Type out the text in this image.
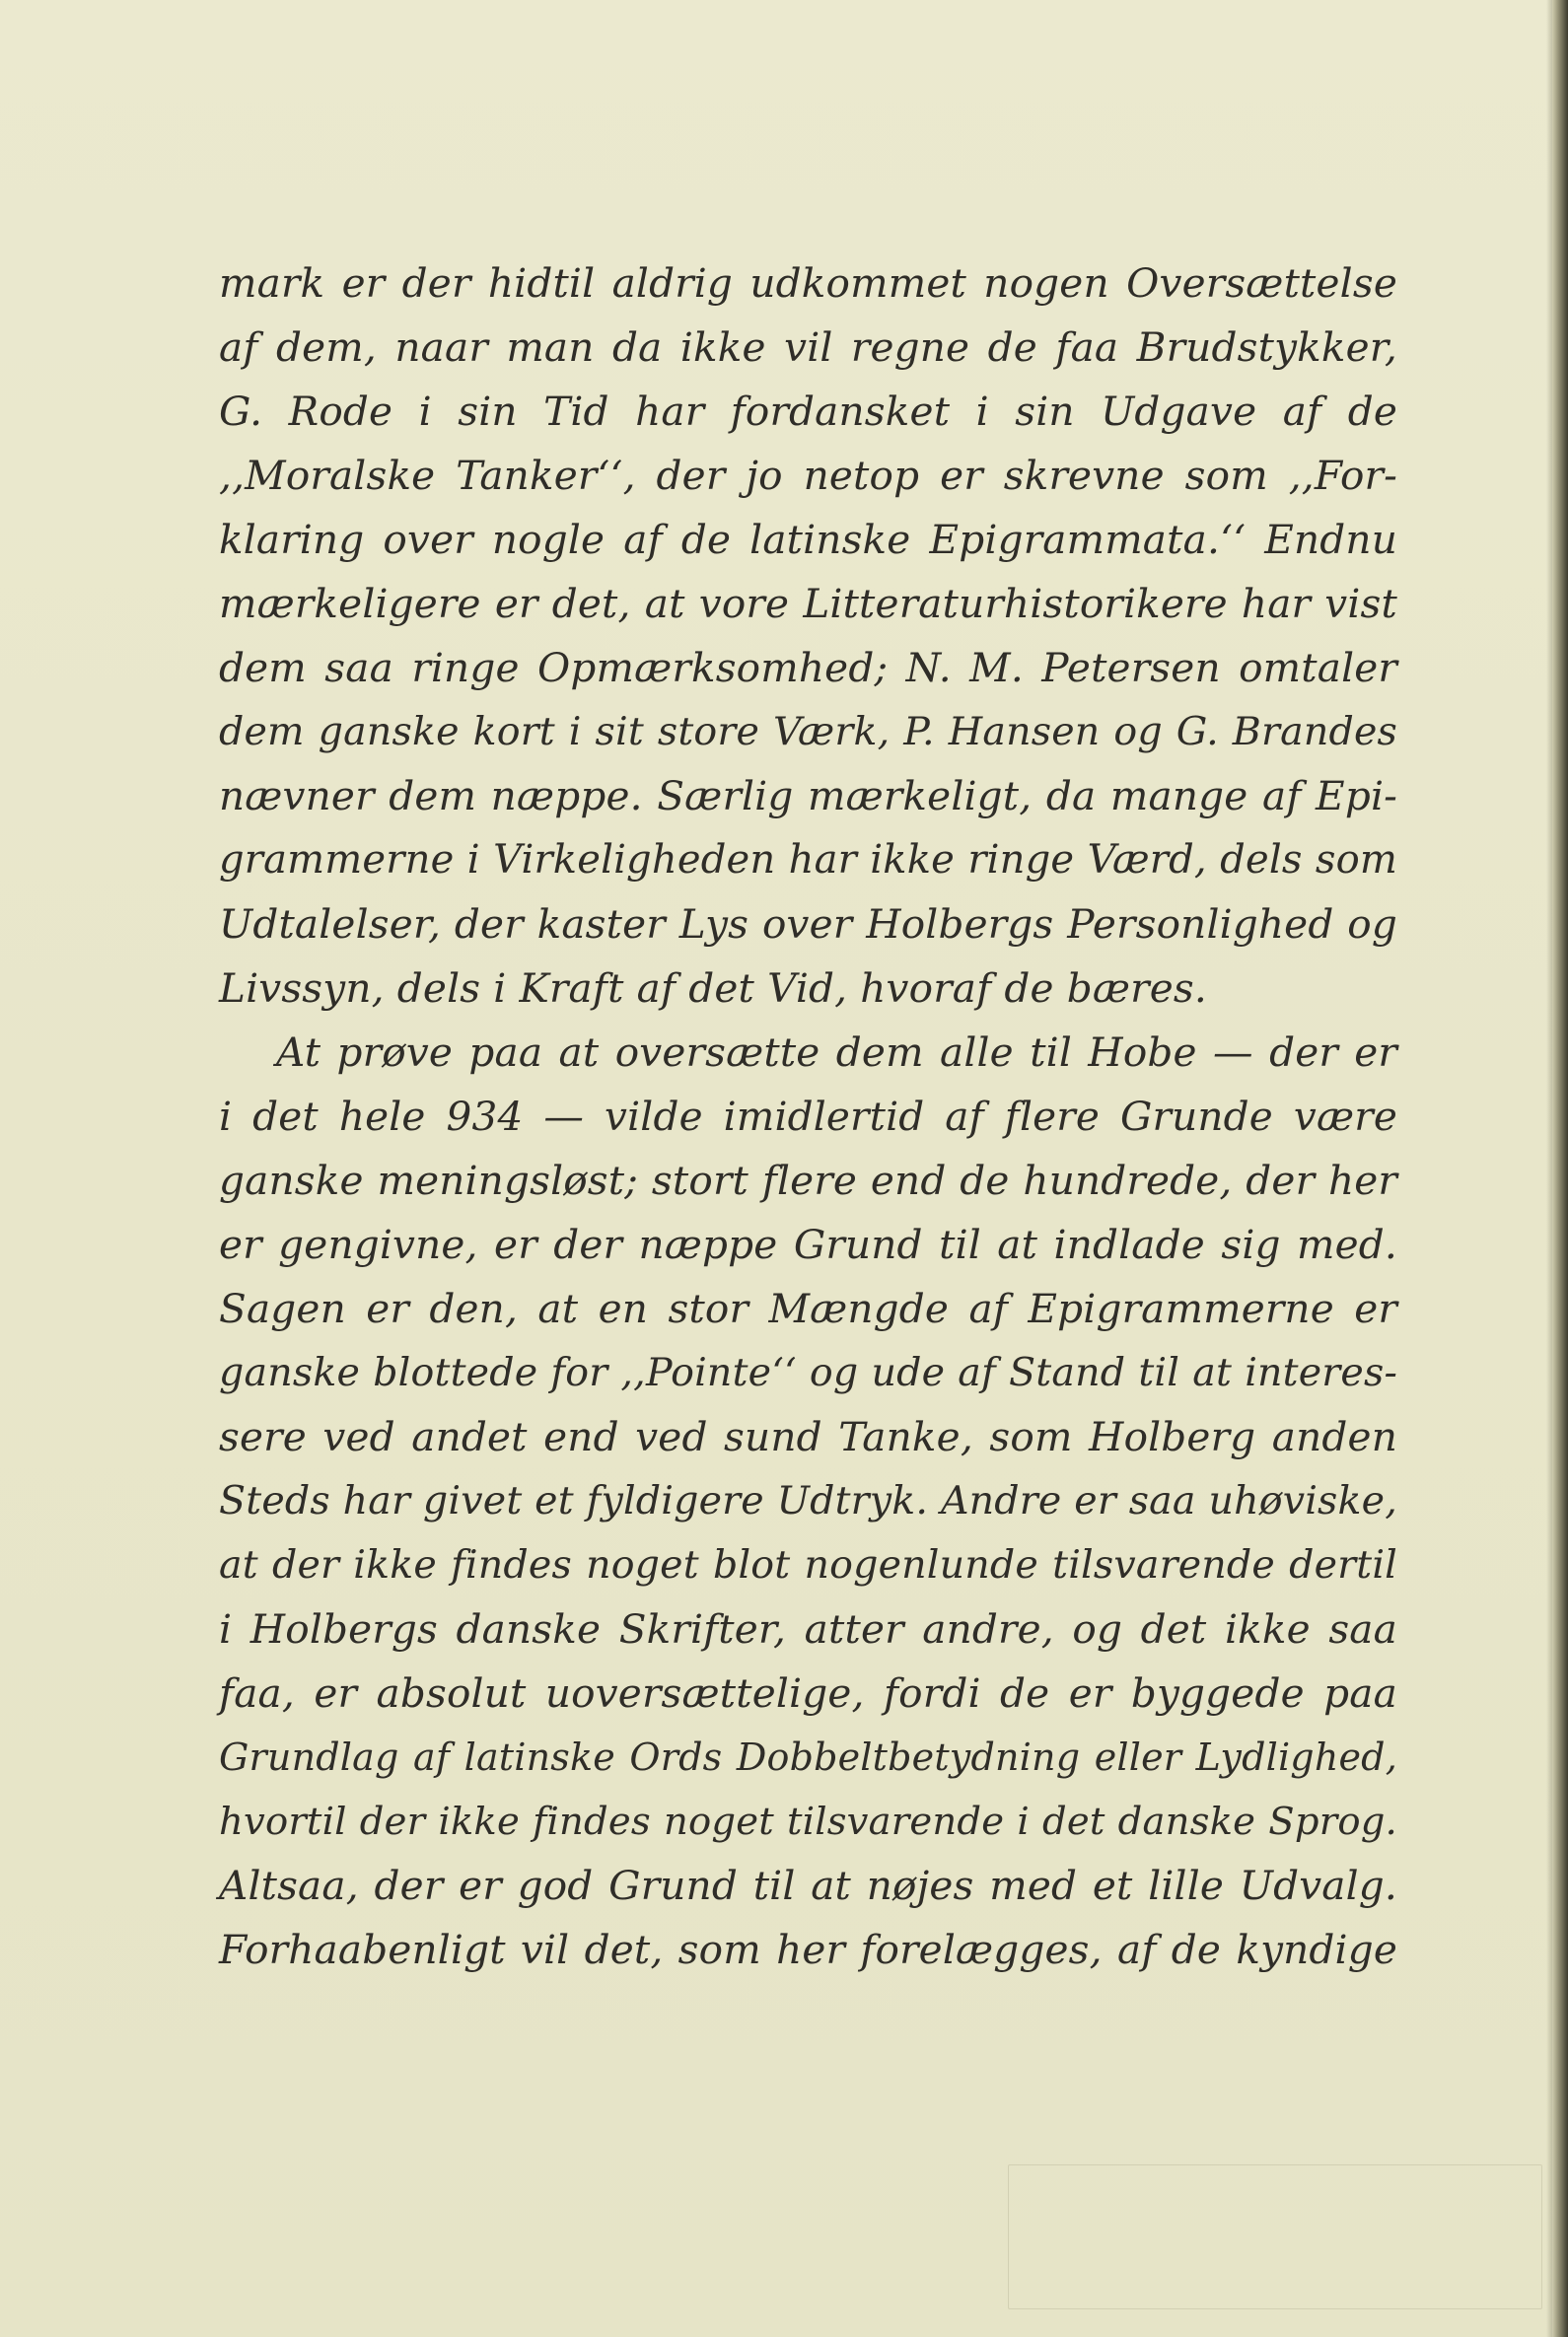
mark er der hidtil aldrig udkommet nogen Oversættelse
af dem, naar man da ikke vil regne de faa Brudstykker,
G. Rode i sin Tid har fordansket i sin Udgave af de
,,Moralske Tanker‘‘, der jo netop er skrevne som ,,For-
klaring over nogle af de latinske Epigrammata.‘‘ Endnu
mærkeligere er det, at vore Litteraturhistorikere har vist
dem saa ringe Opmærksomhed; N. M. Petersen omtaler
dem ganske kort i sit store Værk, P. Hansen og G. Brandes
nævner dem næppe. Særlig mærkeligt, da mange af Epi-
grammerne i Virkeligheden har ikke ringe Værd, dels som
Udtalelser, der kaster Lys over Holbergs Personlighed og
Livssyn, dels i Kraft af det Vid, hvoraf de bæres.
At prøve paa at oversætte dem alle til Hobe — der er
i det hele 934 — vilde imidlertid af flere Grunde være
ganske meningsløst; stort flere end de hundrede, der her
er gengivne, er der næppe Grund til at indlade sig med.
Sagen er den, at en stor Mængde af Epigrammerne er
ganske blottede for ,,Pointe‘‘ og ude af Stand til at interes-
sere ved andet end ved sund Tanke, som Holberg anden
Steds har givet et fyldigere Udtryk. Andre er saa uhøviske,
at der ikke findes noget blot nogenlunde tilsvarende dertil
i Holbergs danske Skrifter, atter andre, og det ikke saa
faa, er absolut uoversættelige, fordi de er byggede paa
Grundlag af latinske Ords Dobbeltbetydning eller Lydlighed,
hvortil der ikke findes noget tilsvarende i det danske Sprog.
Altsaa, der er god Grund til at nøjes med et lille Udvalg.
Forhaabenligt vil det, som her forelægges, af de kyndige
